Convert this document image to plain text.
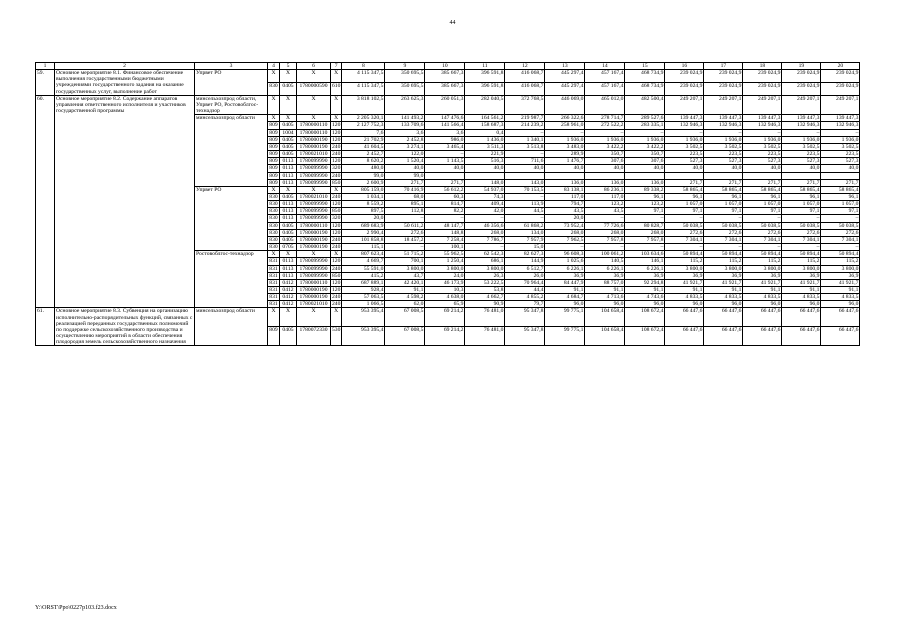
44
1	2	3	4	5	6	7	8	9	10	11	12	13	14	15	16	17	18	19	20
59.	Основное мероприятие 8.1. Финансовое обеспечение выполнения государственными бюджетными учреждениями государственного задания на оказание государственных услуг, выполнение работ	Упрвет РО	X	X	X	X	4 115 347,5	350 695,5	385 667,3	396 591,8	416 068,7	445 297,4	457 167,4	468 734,9	239 024,9	239 024,9	239 024,9	239 024,9	239 024,9
			830	0405	1780000590	610	4 115 347,5	350 695,5	385 667,3	396 591,8	416 068,7	445 297,4	457 167,4	468 734,9	239 024,9	239 024,9	239 024,9	239 024,9	239 024,9
60.	Основное мероприятие 8.2. Содержание аппаратов управления ответственного исполнителя и участников государственной программы	минсельхозпрод области, Упрвет РО, Ростовоблгос-технадзор	X	X	X	X	3 818 102,5	263 625,3	260 051,3	282 040,5	372 768,5	446 069,0	465 012,0	482 500,4	249 207,1	249 207,1	249 207,1	249 207,1	249 207,1
		минсельхозпрод области	X	X	X	X	2 205 320,1	141 493,2	147 476,6	164 561,2	219 987,7	266 322,6	278 714,7	289 527,6	139 447,3	139 447,3	139 447,3	139 447,3	139 447,3
			809	0405	1780000110	120	2 127 752,3	133 709,6	141 566,4	158 687,3	214 239,2	258 961,0	272 522,2	283 335,1	132 946,3	132 946,3	132 946,3	132 946,3	132 946,3
			809	1004	1780000110	120	7,6	3,6	3,6	0,4	–	–	–	–	–	–	–	–	–
			809	0405	1780000190	120	21 702,9	2 452,8	986,0	1 436,0	1 340,1	1 936,0	1 936,0	1 936,0	1 936,0	1 936,0	1 936,0	1 936,0	1 936,0
			809	0405	1780000190	240	41 604,5	3 274,1	3 465,4	3 511,3	3 513,8	3 483,0	3 422,2	3 422,2	3 502,5	3 502,5	3 502,5	3 502,5	3 502,5
			809	0405	1780021010	240	2 452,7	122,0	–	221,9	–	289,9	350,7	350,7	223,5	223,5	223,5	223,5	223,5
			809	0113	1780099990	120	8 620,2	1 520,4	1 143,5	516,3	711,6	1 476,7	307,6	307,6	527,3	527,3	527,3	527,3	527,3
			809	0113	1780099990	320	480,0	40,0	40,0	40,0	40,0	40,0	40,0	40,0	40,0	40,0	40,0	40,0	40,0
			809	0113	1780099990	240	99,0	99,0											
			809	0113	1780099990	850	2 600,9	271,7	271,7	148,0	143,0	136,0	136,0	136,0	271,7	271,7	271,7	271,7	271,7
		Упрвет РО	X	X	X	X	805 159,0	70 416,9	56 612,2	54 937,0	70 153,5	83 138,1	86 236,1	89 338,2	58 865,4	58 865,4	58 865,4	58 865,4	58 865,4
			830	0405	1780021010	240	1 034,1	68,0	60,3	74,3	–	117,0	117,0	96,1	96,1	96,1	96,1	96,1	96,1
			830	0113	1780099990	120	8 559,2	895,1	814,7	409,4	113,9	794,7	123,2	123,2	1 057,0	1 057,0	1 057,0	1 057,0	1 057,0
			830	0113	1780099990	850	897,5	112,8	82,2	42,0	44,5	43,5	43,5	97,1	97,1	97,1	97,1	97,1	97,1
			830	0113	1780099990	320	20,0	–	–	–	–	20,0	–	–	–	–	–	–	–
			830	0405	1780000110	120	689 683,9	50 611,2	48 147,7	46 356,6	61 868,2	73 952,4	77 726,6	80 828,7	50 038,5	50 038,5	50 038,5	50 038,5	50 038,5
			830	0405	1780000190	120	2 990,4	272,6	148,8	268,0	134,0	268,0	268,0	268,0	272,6	272,6	272,6	272,6	272,6
			830	0405	1780000190	240	101 858,8	18 457,2	7 258,4	7 786,7	7 957,9	7 962,5	7 957,8	7 957,8	7 304,1	7 304,1	7 304,1	7 304,1	7 304,1
			830	0705	1780000190	240	115,1	–	100,1	–	15,0	–	–	–	–	–	–	–	–
		Ростовоблгос-технадзор	X	X	X	X	807 623,4	51 715,2	55 962,5	62 542,3	82 627,3	96 608,3	100 061,2	103 634,6	50 894,4	50 894,4	50 894,4	50 894,4	50 894,4
			831	0113	1780099990	120	4 669,7	700,1	1 250,4	686,1	144,9	1 025,6	140,5	146,1	115,2	115,2	115,2	115,2	115,2
			831	0113	1780099990	240	55 591,0	3 800,0	3 800,0	3 800,0	6 512,7	6 226,1	6 226,1	6 226,1	3 800,0	3 800,0	3 800,0	3 800,0	3 800,0
			831	0113	1780099990	850	415,2	43,7	24,0	26,3	26,0	36,9	36,9	36,9	36,9	36,9	36,9	36,9	36,9
			831	0412	1780000110	120	687 889,1	42 420,1	46 173,9	53 222,5	70 964,4	84 447,9	88 757,0	92 294,8	41 921,7	41 921,7	41 921,7	41 921,7	41 921,7
			831	0412	1780000190	120	928,4	91,1	10,3	53,8	44,4	91,1	91,1	91,1	91,1	91,1	91,1	91,1	91,1
			831	0412	1780000190	240	57 063,5	4 598,2	4 638,0	4 662,7	4 855,2	4 684,7	4 713,6	4 743,6	4 833,5	4 833,5	4 833,5	4 833,5	4 833,5
			831	0412	1780021010	240	1 066,5	62,0	65,9	90,9	79,7	96,0	96,0	96,0	96,0	96,0	96,0	96,0	96,0
61.	Основное мероприятие 8.3. Субвенция на организацию исполнительно-распорядительных функций, связанных с реализацией переданных государственных полномочий по поддержке сельскохозяйственного производства и осуществлению мероприятий в области обеспечения плодородия земель сельскохозяйственного назначения	минсельхозпрод области	X	X	X	X	953 395,4	67 008,5	69 214,2	76 481,0	95 347,8	99 775,1	104 658,4	108 672,4	66 447,6	66 447,6	66 447,6	66 447,6	66 447,6
			809	0405	1780072330	530	953 395,4	67 008,5	69 214,2	76 481,0	95 347,8	99 775,1	104 658,4	108 672,4	66 447,6	66 447,6	66 447,6	66 447,6	66 447,6
Y:\ORST\Ppo\0227p103.f23.docx
